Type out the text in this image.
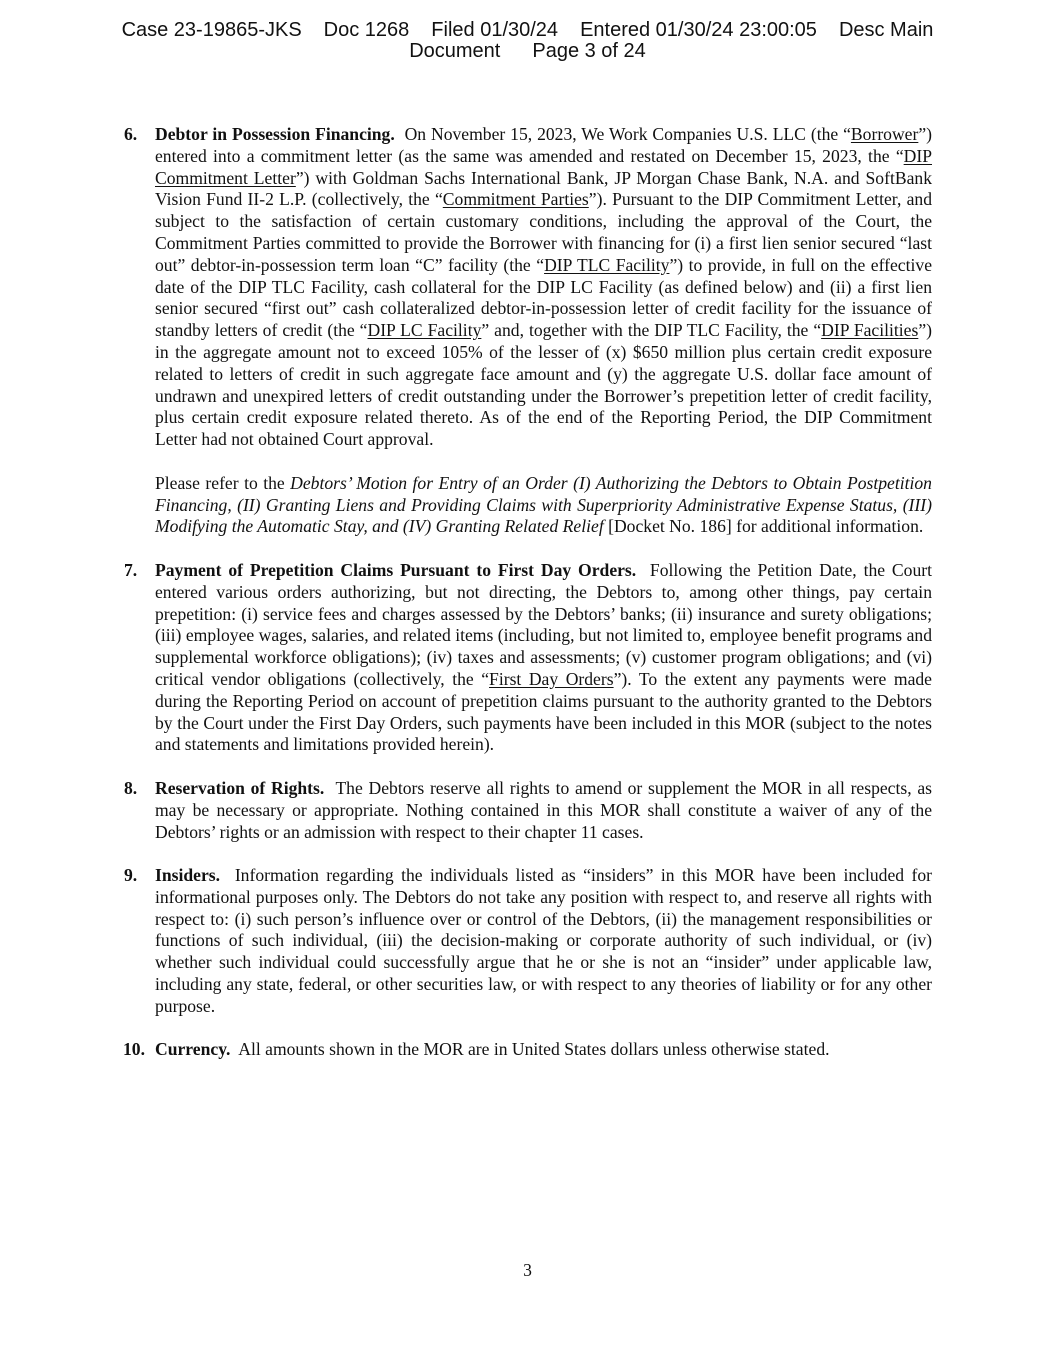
Case 23-19865-JKS Doc 1268 Filed 01/30/24 Entered 01/30/24 23:00:05 Desc Main
Document Page 3 of 24
6. Debtor in Possession Financing. On November 15, 2023, We Work Companies U.S. LLC (the “Borrower”) entered into a commitment letter (as the same was amended and restated on December 15, 2023, the “DIP Commitment Letter”) with Goldman Sachs International Bank, JP Morgan Chase Bank, N.A. and SoftBank Vision Fund II-2 L.P. (collectively, the “Commitment Parties”). Pursuant to the DIP Commitment Letter, and subject to the satisfaction of certain customary conditions, including the approval of the Court, the Commitment Parties committed to provide the Borrower with financing for (i) a first lien senior secured “last out” debtor-in-possession term loan “C” facility (the “DIP TLC Facility”) to provide, in full on the effective date of the DIP TLC Facility, cash collateral for the DIP LC Facility (as defined below) and (ii) a first lien senior secured “first out” cash collateralized debtor-in-possession letter of credit facility for the issuance of standby letters of credit (the “DIP LC Facility” and, together with the DIP TLC Facility, the “DIP Facilities”) in the aggregate amount not to exceed 105% of the lesser of (x) $650 million plus certain credit exposure related to letters of credit in such aggregate face amount and (y) the aggregate U.S. dollar face amount of undrawn and unexpired letters of credit outstanding under the Borrower’s prepetition letter of credit facility, plus certain credit exposure related thereto. As of the end of the Reporting Period, the DIP Commitment Letter had not obtained Court approval.

Please refer to the Debtors’ Motion for Entry of an Order (I) Authorizing the Debtors to Obtain Postpetition Financing, (II) Granting Liens and Providing Claims with Superpriority Administrative Expense Status, (III) Modifying the Automatic Stay, and (IV) Granting Related Relief [Docket No. 186] for additional information.

7. Payment of Prepetition Claims Pursuant to First Day Orders. Following the Petition Date, the Court entered various orders authorizing, but not directing, the Debtors to, among other things, pay certain prepetition: (i) service fees and charges assessed by the Debtors’ banks; (ii) insurance and surety obligations; (iii) employee wages, salaries, and related items (including, but not limited to, employee benefit programs and supplemental workforce obligations); (iv) taxes and assessments; (v) customer program obligations; and (vi) critical vendor obligations (collectively, the “First Day Orders”). To the extent any payments were made during the Reporting Period on account of prepetition claims pursuant to the authority granted to the Debtors by the Court under the First Day Orders, such payments have been included in this MOR (subject to the notes and statements and limitations provided herein).

8. Reservation of Rights. The Debtors reserve all rights to amend or supplement the MOR in all respects, as may be necessary or appropriate. Nothing contained in this MOR shall constitute a waiver of any of the Debtors’ rights or an admission with respect to their chapter 11 cases.

9. Insiders. Information regarding the individuals listed as “insiders” in this MOR have been included for informational purposes only. The Debtors do not take any position with respect to, and reserve all rights with respect to: (i) such person’s influence over or control of the Debtors, (ii) the management responsibilities or functions of such individual, (iii) the decision-making or corporate authority of such individual, or (iv) whether such individual could successfully argue that he or she is not an “insider” under applicable law, including any state, federal, or other securities law, or with respect to any theories of liability or for any other purpose.

10. Currency. All amounts shown in the MOR are in United States dollars unless otherwise stated.

3
